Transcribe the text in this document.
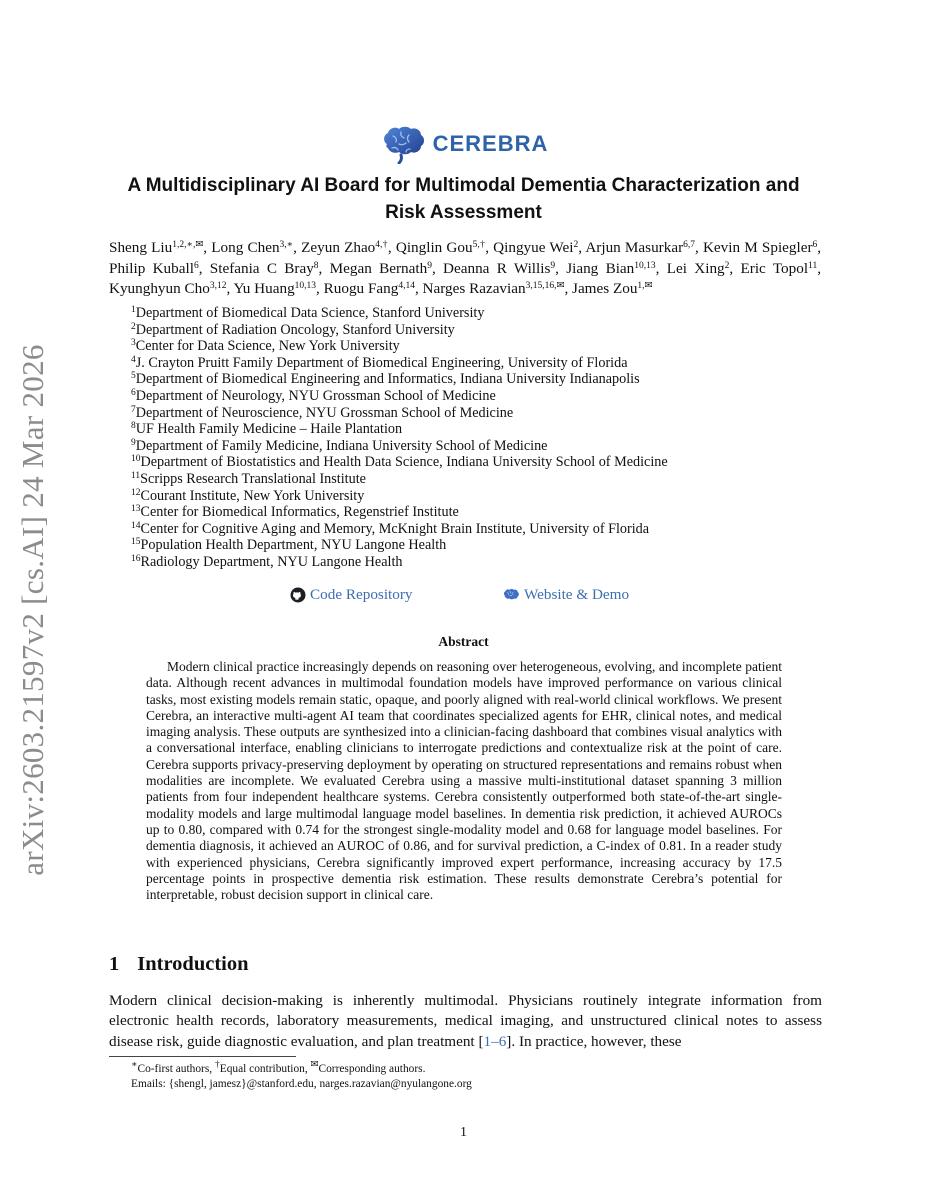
arXiv:2603.21597v2 [cs.AI] 24 Mar 2026
CEREBRA
A Multidisciplinary AI Board for Multimodal Dementia Characterization and
Risk Assessment
Sheng Liu$^{1,2,∗,✉}$, Long Chen$^{3,∗}$, Zeyun Zhao$^{4,\dagger}$, Qinglin Gou$^{5,\dagger}$, Qingyue Wei$^2$, Arjun Masurkar$^{6,7}$, Kevin M Spiegler$^6$, Philip Kuball$^6$, Stefania C Bray$^8$, Megan Bernath$^9$, Deanna R Willis$^9$, Jiang Bian$^{10,13}$, Lei Xing$^2$, Eric Topol$^{11}$, Kyunghyun Cho$^{3,12}$, Yu Huang$^{10,13}$, Ruogu Fang$^{4,14}$, Narges Razavian$^{3,15,16,✉}$, James Zou$^{1,✉}$
$^1$Department of Biomedical Data Science, Stanford University
$^2$Department of Radiation Oncology, Stanford University
$^3$Center for Data Science, New York University
$^4$J. Crayton Pruitt Family Department of Biomedical Engineering, University of Florida
$^5$Department of Biomedical Engineering and Informatics, Indiana University Indianapolis
$^6$Department of Neurology, NYU Grossman School of Medicine
$^7$Department of Neuroscience, NYU Grossman School of Medicine
$^8$UF Health Family Medicine – Haile Plantation
$^9$Department of Family Medicine, Indiana University School of Medicine
$^{10}$Department of Biostatistics and Health Data Science, Indiana University School of Medicine
$^{11}$Scripps Research Translational Institute
$^{12}$Courant Institute, New York University
$^{13}$Center for Biomedical Informatics, Regenstrief Institute
$^{14}$Center for Cognitive Aging and Memory, McKnight Brain Institute, University of Florida
$^{15}$Population Health Department, NYU Langone Health
$^{16}$Radiology Department, NYU Langone Health
Code Repository	Website & Demo
Abstract
Modern clinical practice increasingly depends on reasoning over heterogeneous, evolving, and incomplete patient data. Although recent advances in multimodal foundation models have improved performance on various clinical tasks, most existing models remain static, opaque, and poorly aligned with real-world clinical workflows. We present Cerebra, an interactive multi-agent AI team that coordinates specialized agents for EHR, clinical notes, and medical imaging analysis. These outputs are synthesized into a clinician-facing dashboard that combines visual analytics with a conversational interface, enabling clinicians to interrogate predictions and contextualize risk at the point of care. Cerebra supports privacy-preserving deployment by operating on structured representations and remains robust when modalities are incomplete. We evaluated Cerebra using a massive multi-institutional dataset spanning 3 million patients from four independent healthcare systems. Cerebra consistently outperformed both state-of-the-art single-modality models and large multimodal language model baselines. In dementia risk prediction, it achieved AUROCs up to 0.80, compared with 0.74 for the strongest single-modality model and 0.68 for language model baselines. For dementia diagnosis, it achieved an AUROC of 0.86, and for survival prediction, a C-index of 0.81. In a reader study with experienced physicians, Cerebra significantly improved expert performance, increasing accuracy by 17.5 percentage points in prospective dementia risk estimation. These results demonstrate Cerebra’s potential for interpretable, robust decision support in clinical care.
1 Introduction
Modern clinical decision-making is inherently multimodal. Physicians routinely integrate information from electronic health records, laboratory measurements, medical imaging, and unstructured clinical notes to assess disease risk, guide diagnostic evaluation, and plan treatment [1–6]. In practice, however, these
∗Co-first authors, †Equal contribution, ✉Corresponding authors.
Emails: {shengl, jamesz}@stanford.edu, narges.razavian@nyulangone.org
1
